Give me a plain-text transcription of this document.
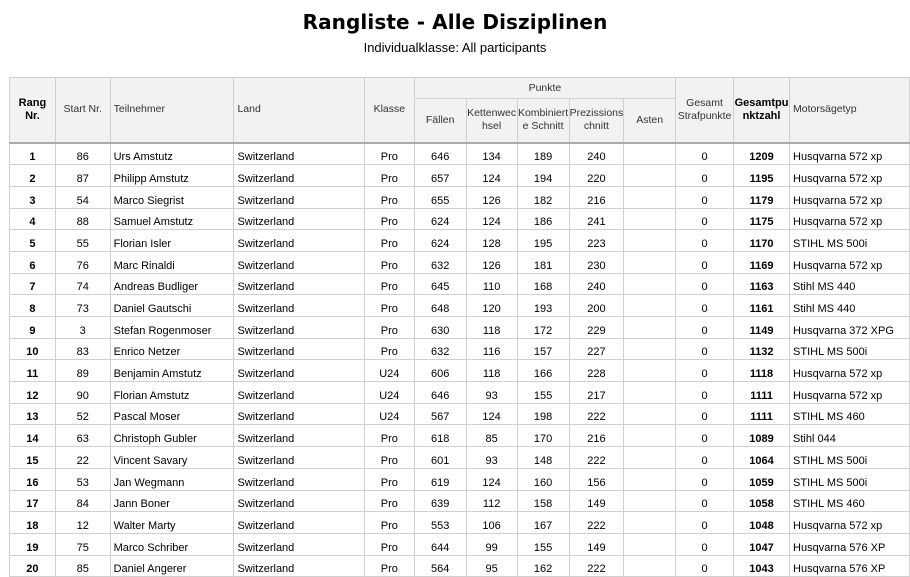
Rangliste - Alle Disziplinen
Individualklasse: All participants
Rang Nr.	Start Nr.	Teilnehmer	Land	Klasse	Punkte					Gesamt Strafpunkte	Gesamtpu nktzahl	Motorsägetyp
					Fällen	Kettenwec hsel	Kombiniert e Schnitt	Prezissions chnitt	Asten			
1	86	Urs Amstutz	Switzerland	Pro	646	134	189	240		0	1209	Husqvarna 572 xp
2	87	Philipp Amstutz	Switzerland	Pro	657	124	194	220		0	1195	Husqvarna 572 xp
3	54	Marco Siegrist	Switzerland	Pro	655	126	182	216		0	1179	Husqvarna 572 xp
4	88	Samuel Amstutz	Switzerland	Pro	624	124	186	241		0	1175	Husqvarna 572 xp
5	55	Florian Isler	Switzerland	Pro	624	128	195	223		0	1170	STIHL MS 500i
6	76	Marc Rinaldi	Switzerland	Pro	632	126	181	230		0	1169	Husqvarna 572 xp
7	74	Andreas Budliger	Switzerland	Pro	645	110	168	240		0	1163	Stihl MS 440
8	73	Daniel Gautschi	Switzerland	Pro	648	120	193	200		0	1161	Stihl MS 440
9	3	Stefan Rogenmoser	Switzerland	Pro	630	118	172	229		0	1149	Husqvarna 372 XPG
10	83	Enrico Netzer	Switzerland	Pro	632	116	157	227		0	1132	STIHL MS 500i
11	89	Benjamin Amstutz	Switzerland	U24	606	118	166	228		0	1118	Husqvarna 572 xp
12	90	Florian Amstutz	Switzerland	U24	646	93	155	217		0	1111	Husqvarna 572 xp
13	52	Pascal Moser	Switzerland	U24	567	124	198	222		0	1111	STIHL MS 460
14	63	Christoph Gubler	Switzerland	Pro	618	85	170	216		0	1089	Stihl 044
15	22	Vincent Savary	Switzerland	Pro	601	93	148	222		0	1064	STIHL MS 500i
16	53	Jan Wegmann	Switzerland	Pro	619	124	160	156		0	1059	STIHL MS 500i
17	84	Jann Boner	Switzerland	Pro	639	112	158	149		0	1058	STIHL MS 460
18	12	Walter Marty	Switzerland	Pro	553	106	167	222		0	1048	Husqvarna 572 xp
19	75	Marco Schriber	Switzerland	Pro	644	99	155	149		0	1047	Husqvarna 576 XP
20	85	Daniel Angerer	Switzerland	Pro	564	95	162	222		0	1043	Husqvarna 576 XP
